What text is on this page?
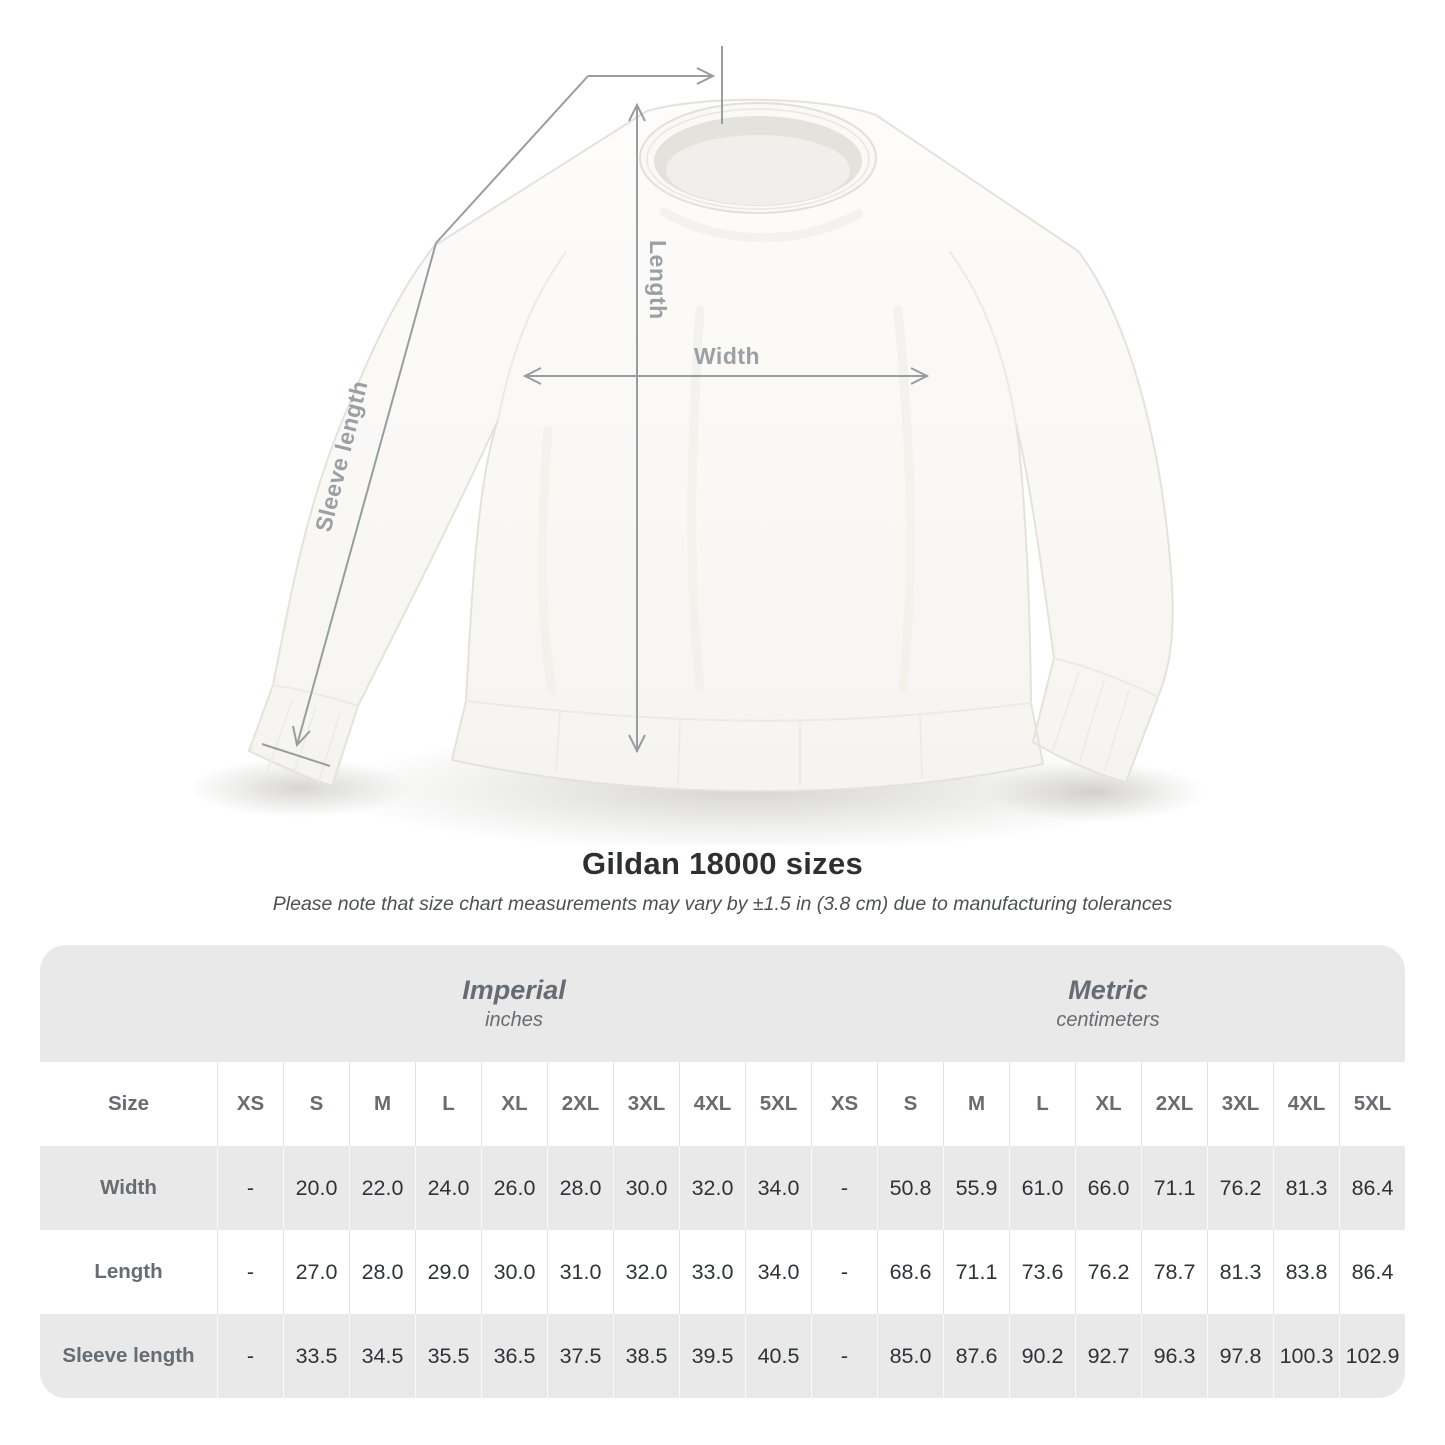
Width
Length
Sleeve length
Gildan 18000 sizes
Please note that size chart measurements may vary by ±1.5 in (3.8 cm) due to manufacturing tolerances
Imperial
inches
Metric
centimeters
Size	XS	S	M	L	XL	2XL	3XL	4XL	5XL	XS	S	M	L	XL	2XL	3XL	4XL	5XL
Width	-	20.0	22.0	24.0	26.0	28.0	30.0	32.0	34.0	-	50.8	55.9	61.0	66.0	71.1	76.2	81.3	86.4
Length	-	27.0	28.0	29.0	30.0	31.0	32.0	33.0	34.0	-	68.6	71.1	73.6	76.2	78.7	81.3	83.8	86.4
Sleeve length	-	33.5	34.5	35.5	36.5	37.5	38.5	39.5	40.5	-	85.0	87.6	90.2	92.7	96.3	97.8 100.3 102.9
